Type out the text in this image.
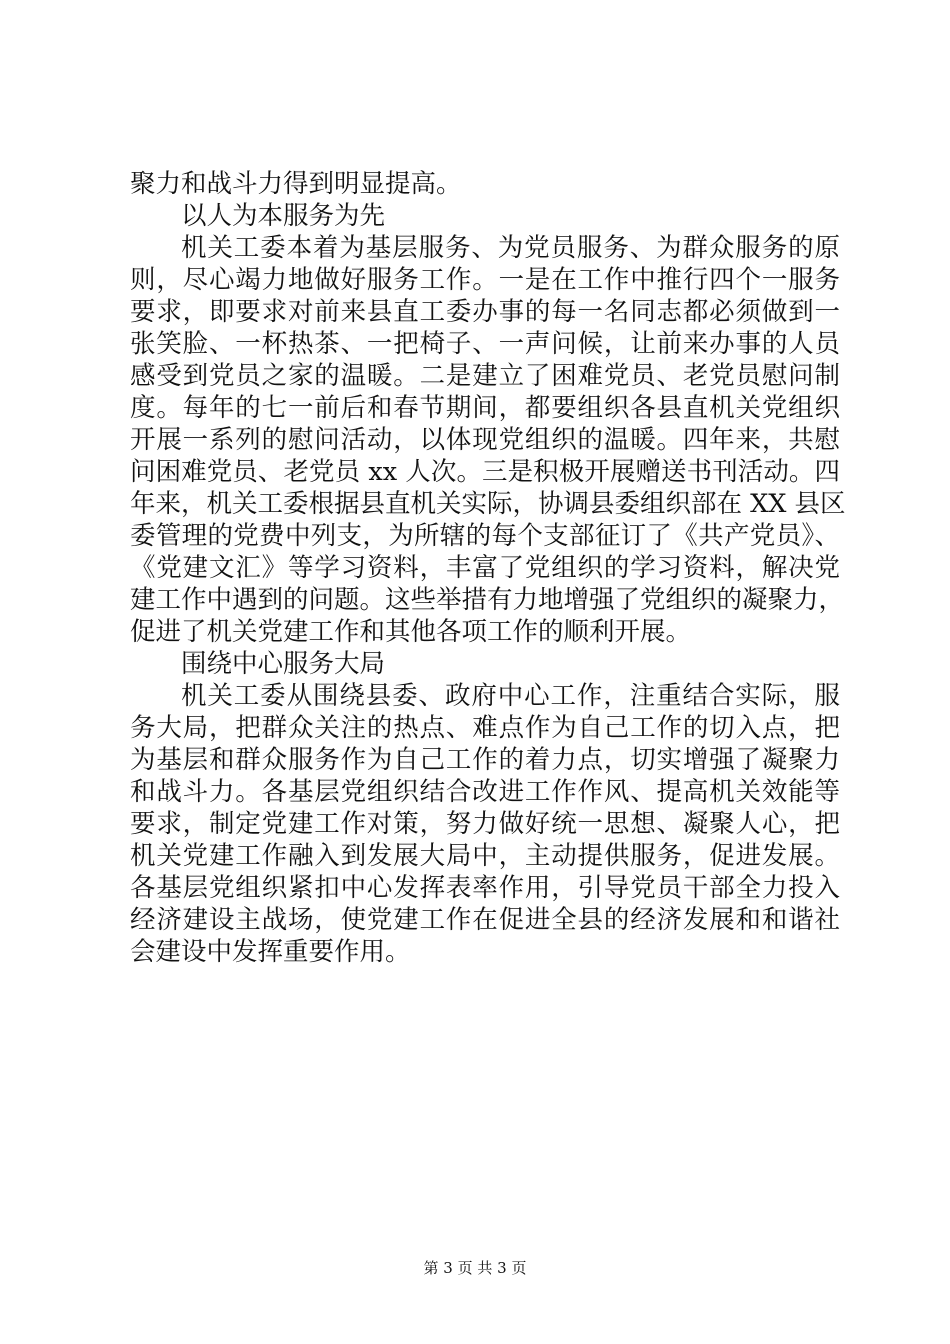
聚力和战斗力得到明显提高。
以人为本服务为先
机关工委本着为基层服务、为党员服务、为群众服务的原
则，尽心竭力地做好服务工作。一是在工作中推行四个一服务
要求，即要求对前来县直工委办事的每一名同志都必须做到一
张笑脸、一杯热茶、一把椅子、一声问候，让前来办事的人员
感受到党员之家的温暖。二是建立了困难党员、老党员慰问制
度。每年的七一前后和春节期间，都要组织各县直机关党组织
开展一系列的慰问活动，以体现党组织的温暖。四年来，共慰
问困难党员、老党员 xx 人次。三是积极开展赠送书刊活动。四
年来，机关工委根据县直机关实际，协调县委组织部在 XX 县区
委管理的党费中列支，为所辖的每个支部征订了《共产党员》、
《党建文汇》等学习资料，丰富了党组织的学习资料，解决党
建工作中遇到的问题。这些举措有力地增强了党组织的凝聚力，
促进了机关党建工作和其他各项工作的顺利开展。
围绕中心服务大局
机关工委从围绕县委、政府中心工作，注重结合实际，服
务大局，把群众关注的热点、难点作为自己工作的切入点，把
为基层和群众服务作为自己工作的着力点，切实增强了凝聚力
和战斗力。各基层党组织结合改进工作作风、提高机关效能等
要求，制定党建工作对策，努力做好统一思想、凝聚人心，把
机关党建工作融入到发展大局中，主动提供服务，促进发展。
各基层党组织紧扣中心发挥表率作用，引导党员干部全力投入
经济建设主战场，使党建工作在促进全县的经济发展和和谐社
会建设中发挥重要作用。
第 3 页 共 3 页
